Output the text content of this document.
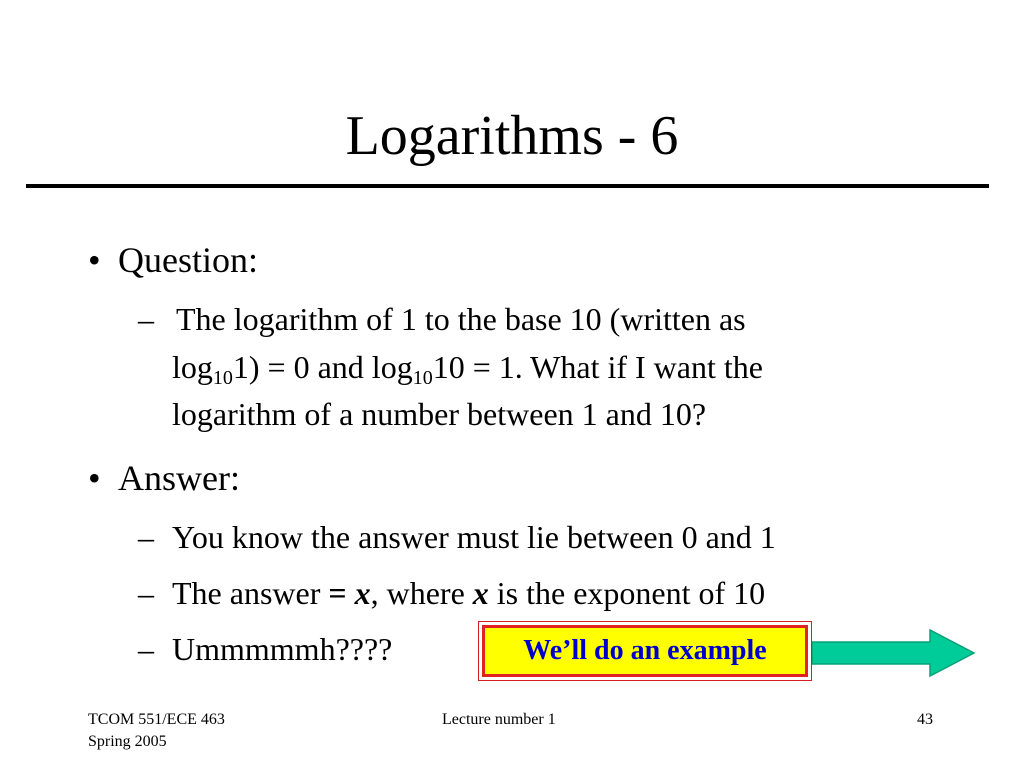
Logarithms - 6
• Question:
– The logarithm of 1 to the base 10 (written as
$\log_{10}1) = 0$ and $\log_{10}10 = 1$. What if I want the
logarithm of a number between 1 and 10?
• Answer:
– You know the answer must lie between 0 and 1
– The answer = x, where x is the exponent of 10
– Ummmmmh????	We’ll do an example
TCOM 551/ECE 463
Spring 2005
Lecture number 1	43
